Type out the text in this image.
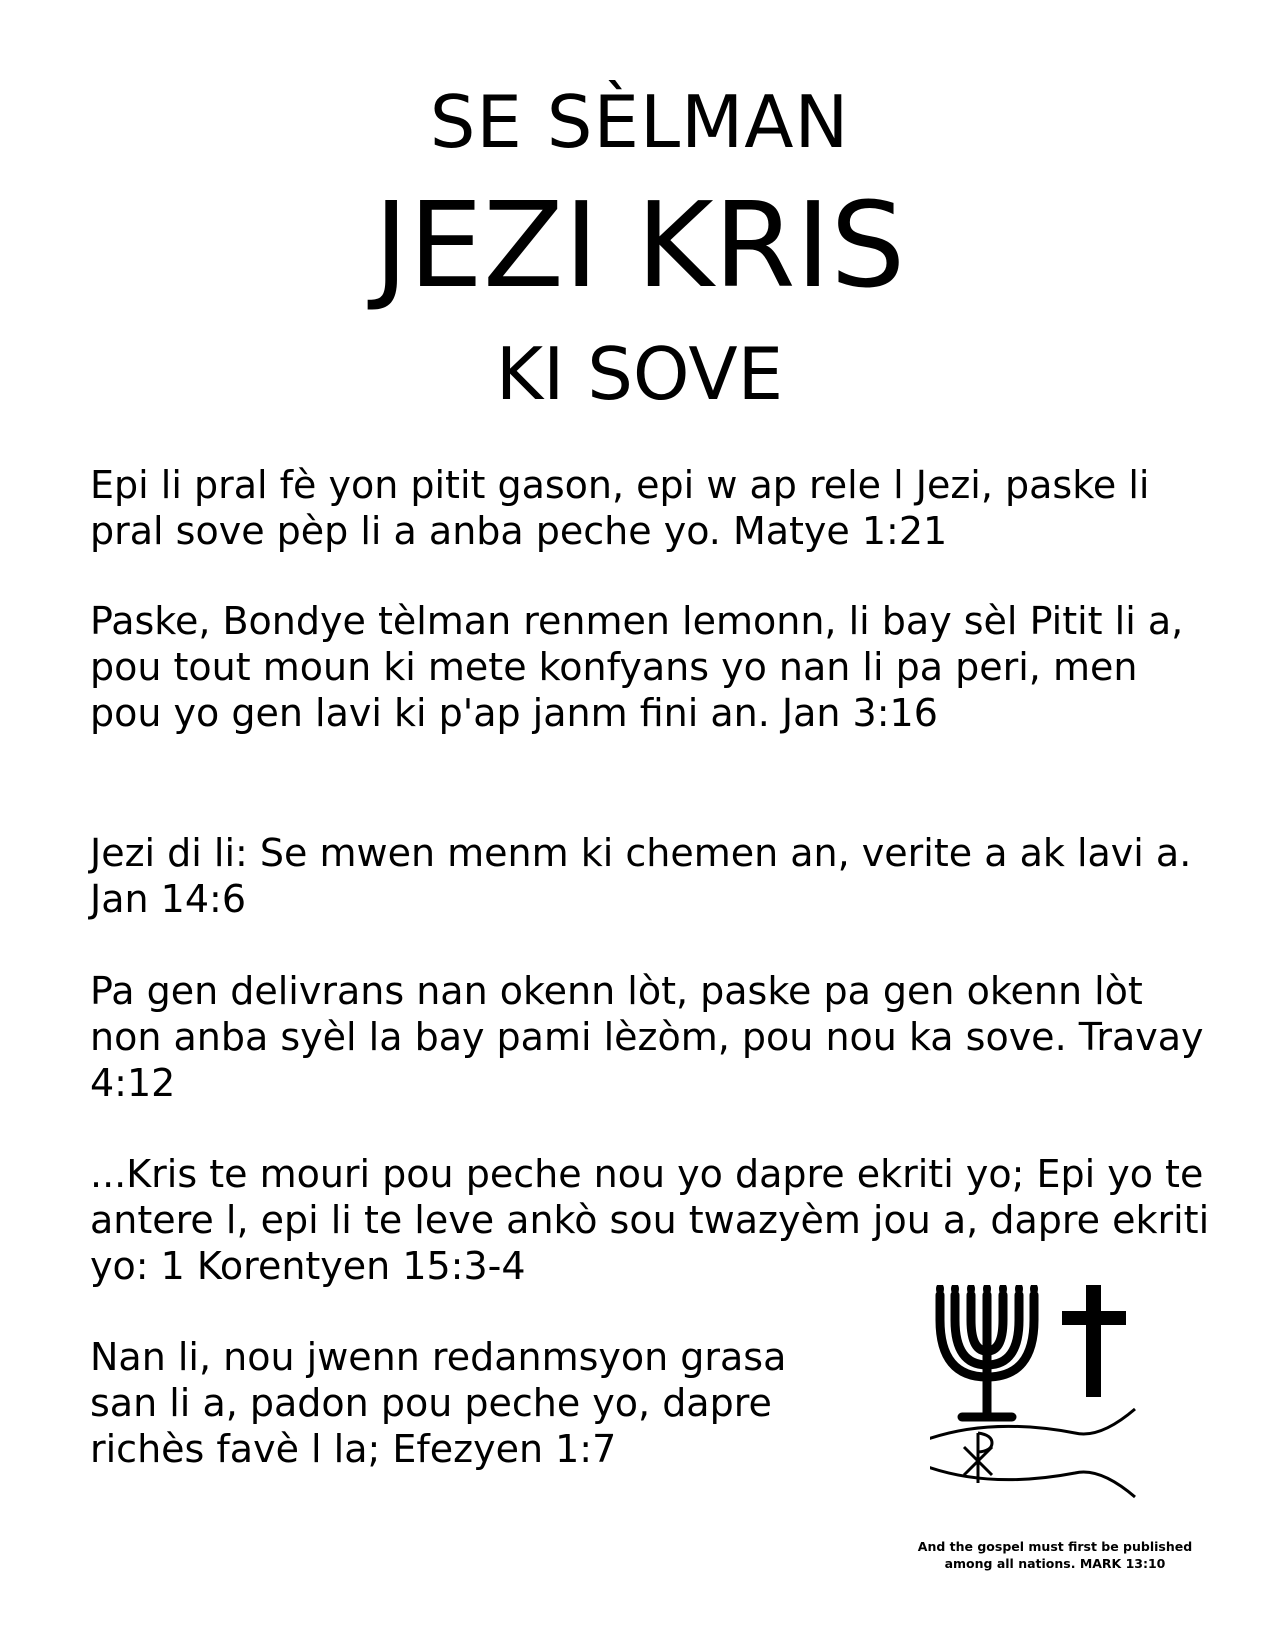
SE SÈLMAN
JEZI KRIS
KI SOVE

Epi li pral fè yon pitit gason, epi w ap rele l Jezi, paske li pral sove pèp li a anba peche yo. Matye 1:21

Paske, Bondye tèlman renmen lemonn, li bay sèl Pitit li a, pou tout moun ki mete konfyans yo nan li pa peri, men pou yo gen lavi ki p'ap janm fini an. Jan 3:16

Jezi di li: Se mwen menm ki chemen an, verite a ak lavi a. Jan 14:6

Pa gen delivrans nan okenn lòt, paske pa gen okenn lòt non anba syèl la bay pami lèzòm, pou nou ka sove. Travay 4:12

...Kris te mouri pou peche nou yo dapre ekriti yo; Epi yo te antere l, epi li te leve ankò sou twazyèm jou a, dapre ekriti yo: 1 Korentyen 15:3-4

Nan li, nou jwenn redanmsyon grasa san li a, padon pou peche yo, dapre richès favè l la; Efezyen 1:7

And the gospel must first be published
among all nations. MARK 13:10
